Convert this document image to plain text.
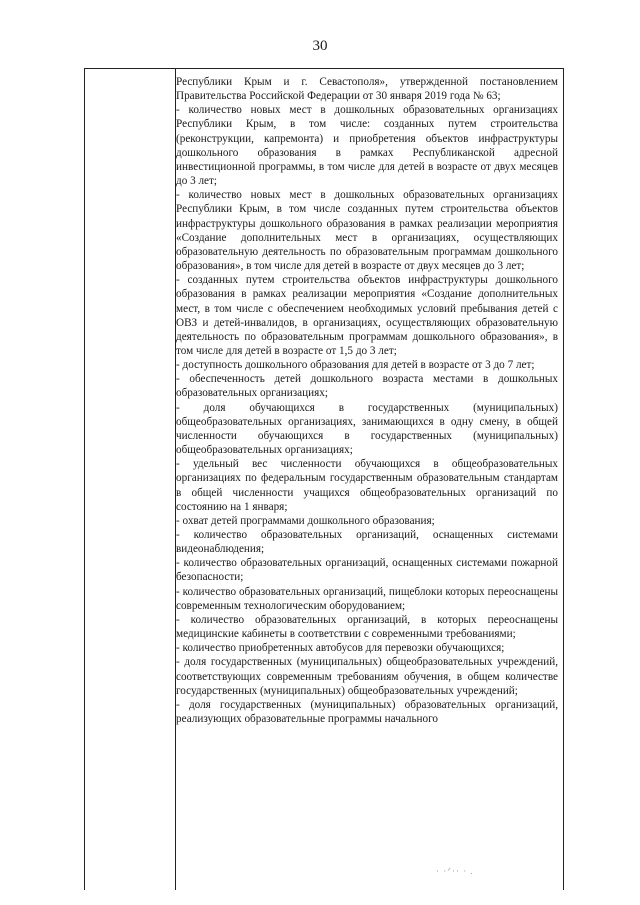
30

Республики Крым и г. Севастополя», утвержденной постановлением Правительства Российской Федерации от 30 января 2019 года № 63;

- количество новых мест в дошкольных образовательных организациях Республики Крым, в том числе: созданных путем строительства (реконструкции, капремонта) и приобретения объектов инфраструктуры дошкольного образования в рамках Республиканской адресной инвестиционной программы, в том числе для детей в возрасте от двух месяцев до 3 лет;

- количество новых мест в дошкольных образовательных организациях Республики Крым, в том числе созданных путем строительства объектов инфраструктуры дошкольного образования в рамках реализации мероприятия «Создание дополнительных мест в организациях, осуществляющих образовательную деятельность по образовательным программам дошкольного образования», в том числе для детей в возрасте от двух месяцев до 3 лет;

- созданных путем строительства объектов инфраструктуры дошкольного образования в рамках реализации мероприятия «Создание дополнительных мест, в том числе с обеспечением необходимых условий пребывания детей с ОВЗ и детей-инвалидов, в организациях, осуществляющих образовательную деятельность по образовательным программам дошкольного образования», в том числе для детей в возрасте от 1,5 до 3 лет;

- доступность дошкольного образования для детей в возрасте от 3 до 7 лет;

- обеспеченность детей дошкольного возраста местами в дошкольных образовательных организациях;

- доля обучающихся в государственных (муниципальных) общеобразовательных организациях, занимающихся в одну смену, в общей численности обучающихся в государственных (муниципальных) общеобразовательных организациях;

- удельный вес численности обучающихся в общеобразовательных организациях по федеральным государственным образовательным стандартам в общей численности учащихся общеобразовательных организаций по состоянию на 1 января;

- охват детей программами дошкольного образования;

- количество образовательных организаций, оснащенных системами видеонаблюдения;

- количество образовательных организаций, оснащенных системами пожарной безопасности;

- количество образовательных организаций, пищеблоки которых переоснащены современным технологическим оборудованием;

- количество образовательных организаций, в которых переоснащены медицинские кабинеты в соответствии с современными требованиями;

- количество приобретенных автобусов для перевозки обучающихся;

- доля государственных (муниципальных) общеобразовательных учреждений, соответствующих современным требованиям обучения, в общем количестве государственных (муниципальных) общеобразовательных учреждений;

- доля государственных (муниципальных) образовательных организаций, реализующих образовательные программы начального

· ·ᐟ·· · .
